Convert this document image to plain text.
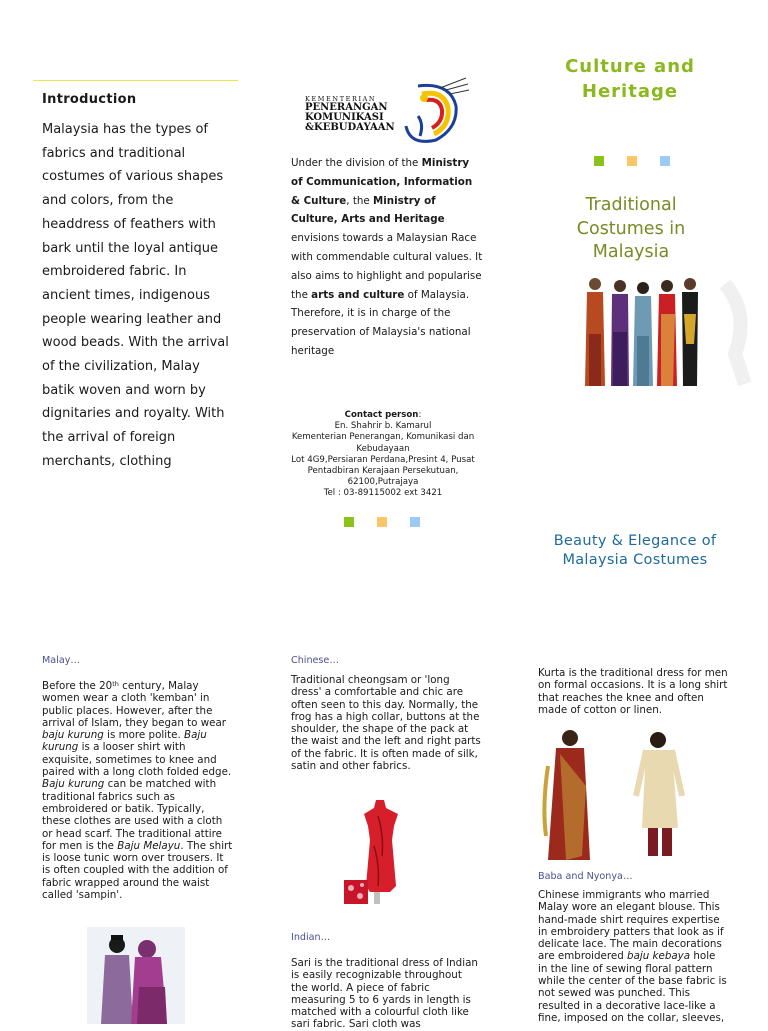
Introduction
Malaysia has the types of fabrics and traditional costumes of various shapes and colors, from the headdress of feathers with bark until the loyal antique embroidered fabric. In ancient times, indigenous people wearing leather and wood beads. With the arrival of the civilization, Malay batik woven and worn by dignitaries and royalty. With the arrival of foreign merchants, clothing
KEMENTERIAN
PENERANGAN
KOMUNIKASI
&KEBUDAYAAN
Under the division of the Ministry of Communication, Information & Culture, the Ministry of Culture, Arts and Heritage envisions towards a Malaysian Race with commendable cultural values. It also aims to highlight and popularise the arts and culture of Malaysia. Therefore, it is in charge of the preservation of Malaysia's national heritage
Contact person:
En. Shahrir b. Kamarul
Kementerian Penerangan, Komunikasi dan Kebudayaan
Lot 4G9,Persiaran Perdana,Presint 4, Pusat Pentadbiran Kerajaan Persekutuan,
62100,Putrajaya
Tel : 03-89115002 ext 3421
Culture and Heritage
Traditional Costumes in Malaysia
Beauty & Elegance of Malaysia Costumes
Malay…
Before the 20th century, Malay women wear a cloth 'kemban' in public places. However, after the arrival of Islam, they began to wear baju kurung is more polite. Baju kurung is a looser shirt with exquisite, sometimes to knee and paired with a long cloth folded edge. Baju kurung can be matched with traditional fabrics such as embroidered or batik. Typically, these clothes are used with a cloth or head scarf. The traditional attire for men is the Baju Melayu. The shirt is loose tunic worn over trousers. It is often coupled with the addition of fabric wrapped around the waist called 'sampin'.
Chinese…
Traditional cheongsam or 'long dress' a comfortable and chic are often seen to this day. Normally, the frog has a high collar, buttons at the shoulder, the shape of the pack at the waist and the left and right parts of the fabric. It is often made of silk, satin and other fabrics.
Indian…
Sari is the traditional dress of Indian is easily recognizable throughout the world. A piece of fabric measuring 5 to 6 yards in length is matched with a colourful cloth like sari fabric. Sari cloth was
Kurta is the traditional dress for men on formal occasions. It is a long shirt that reaches the knee and often made of cotton or linen.
Baba and Nyonya…
Chinese immigrants who married Malay wore an elegant blouse. This hand-made shirt requires expertise in embroidery patters that look as if delicate lace. The main decorations are embroidered baju kebaya hole in the line of sewing floral pattern while the center of the base fabric is not sewed was punched. This resulted in a decorative lace-like a fine, imposed on the collar, sleeves,
